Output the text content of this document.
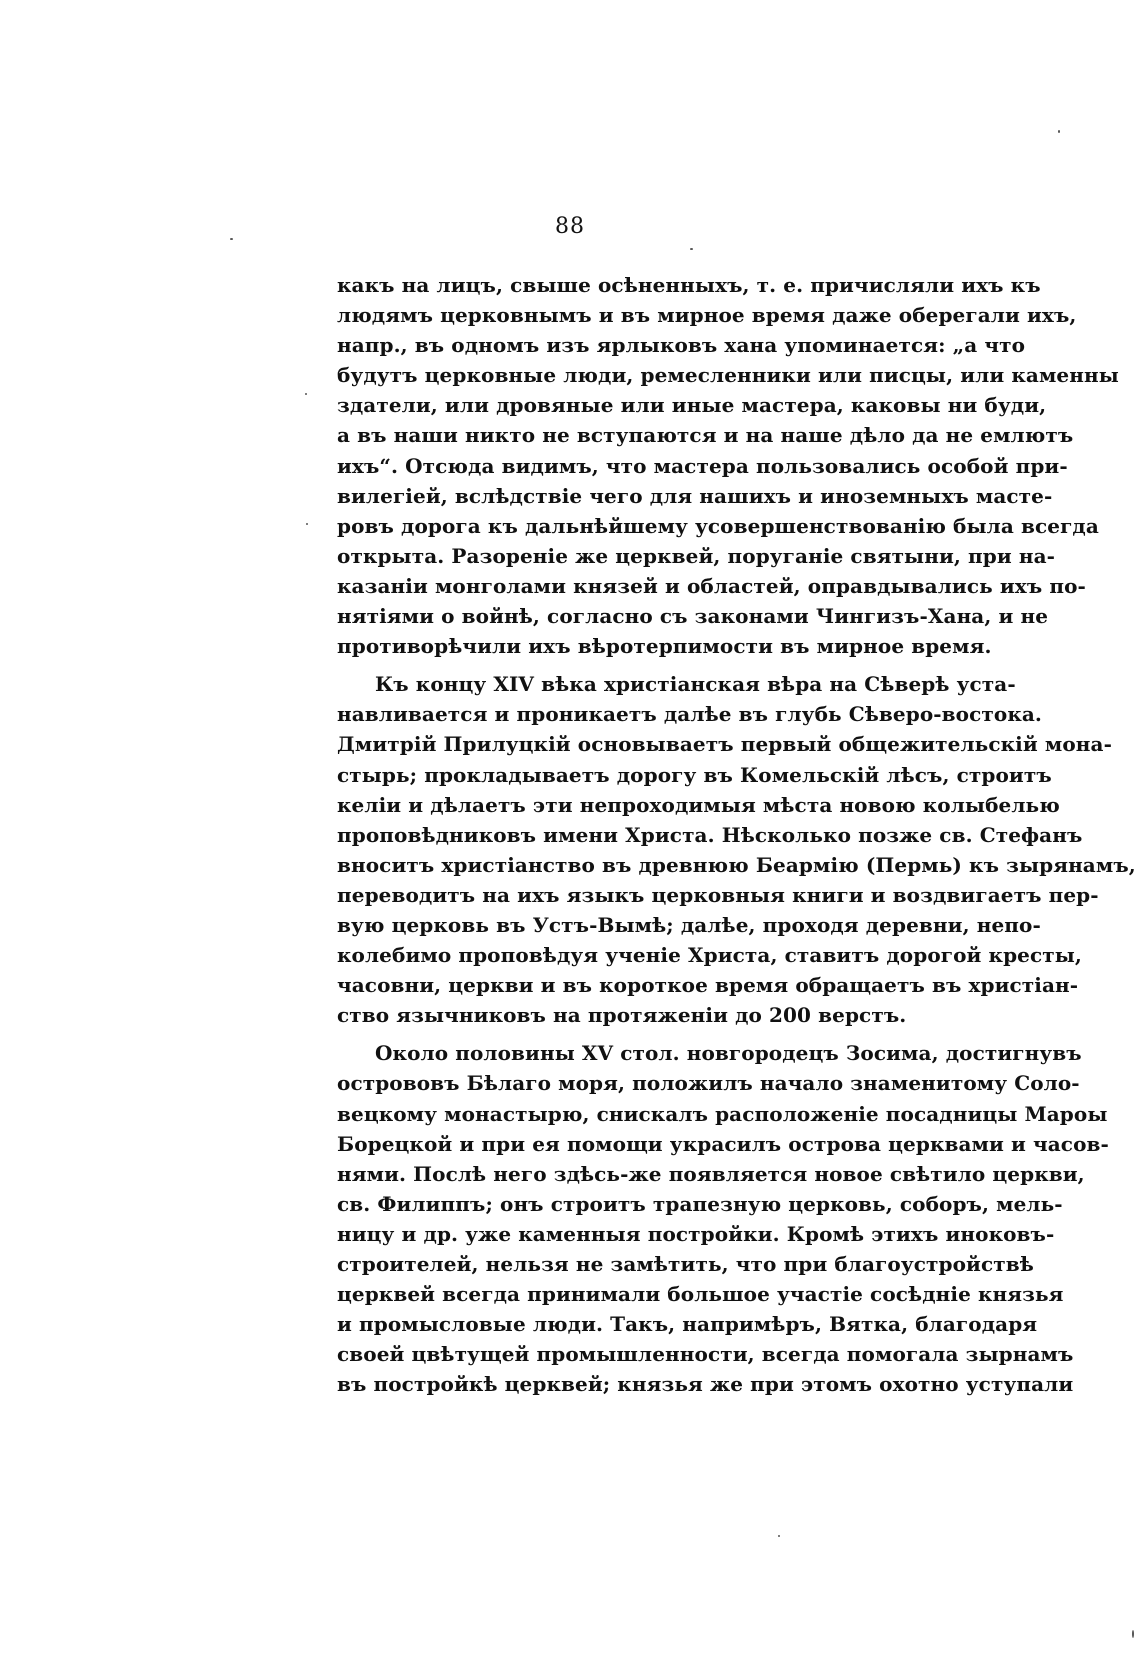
88
какъ на лицъ, свыше осѣненныхъ, т. е. причисляли ихъ къ
людямъ церковнымъ и въ мирное время даже оберегали ихъ,
напр., въ одномъ изъ ярлыковъ хана упоминается: „а что
будутъ церковные люди, ремесленники или писцы, или каменны
здатели, или дровяные или иные мастера, каковы ни буди,
а въ наши никто не вступаются и на наше дѣло да не емлютъ
ихъ“. Отсюда видимъ, что мастера пользовались особой при-
вилегіей, вслѣдствіе чего для нашихъ и иноземныхъ масте-
ровъ дорога къ дальнѣйшему усовершенствованію была всегда
открыта. Разореніе же церквей, поруганіе святыни, при на-
казаніи монголами князей и областей, оправдывались ихъ по-
нятіями о войнѣ, согласно съ законами Чингизъ-Хана, и не
противорѣчили ихъ вѣротерпимости въ мирное время.
Къ концу XIV вѣка христіанская вѣра на Сѣверѣ уста-
навливается и проникаетъ далѣе въ глубь Сѣверо-востока.
Дмитрій Прилуцкій основываетъ первый общежительскій мона-
стырь; прокладываетъ дорогу въ Комельскій лѣсъ, строитъ
келіи и дѣлаетъ эти непроходимыя мѣста новою колыбелью
проповѣдниковъ имени Христа. Нѣсколько позже св. Стефанъ
вноситъ христіанство въ древнюю Беармію (Пермь) къ зырянамъ,
переводитъ на ихъ языкъ церковныя книги и воздвигаетъ пер-
вую церковь въ Устъ-Вымѣ; далѣе, проходя деревни, непо-
колебимо проповѣдуя ученіе Христа, ставитъ дорогой кресты,
часовни, церкви и въ короткое время обращаетъ въ христіан-
ство язычниковъ на протяженіи до 200 верстъ.
Около половины XV стол. новгородецъ Зосима, достигнувъ
острововъ Бѣлаго моря, положилъ начало знаменитому Соло-
вецкому монастырю, снискалъ расположеніе посадницы Мароы
Борецкой и при ея помощи украсилъ острова церквами и часов-
нями. Послѣ него здѣсь-же появляется новое свѣтило церкви,
св. Филиппъ; онъ строитъ трапезную церковь, соборъ, мель-
ницу и др. уже каменныя постройки. Кромѣ этихъ иноковъ-
строителей, нельзя не замѣтить, что при благоустройствѣ
церквей всегда принимали большое участіе сосѣдніе князья
и промысловые люди. Такъ, напримѣръ, Вятка, благодаря
своей цвѣтущей промышленности, всегда помогала зырнамъ
въ постройкѣ церквей; князья же при этомъ охотно уступали
